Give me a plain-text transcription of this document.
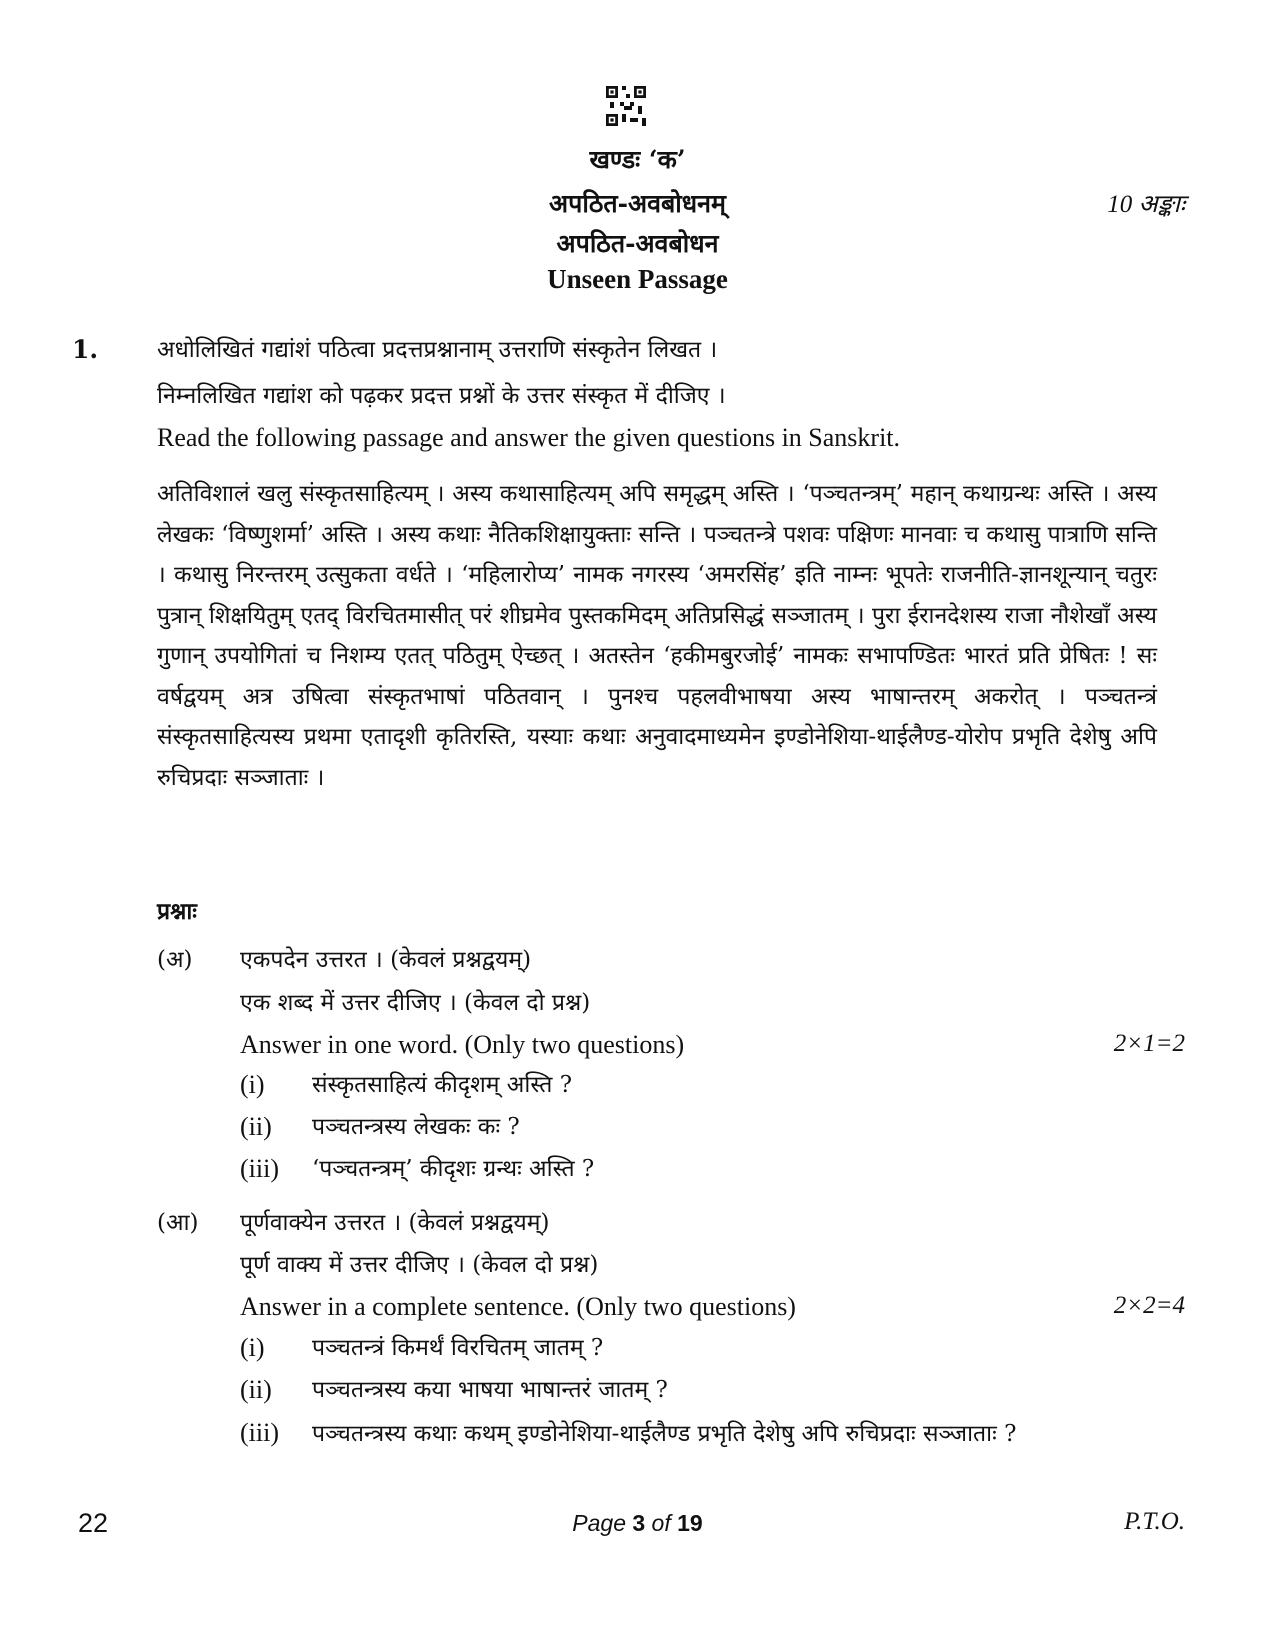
खण्डः ‘क’
अपठित-अवबोधनम्	10 अङ्काः
अपठित-अवबोधन
Unseen Passage
1.	अधोलिखितं गद्यांशं पठित्वा प्रदत्तप्रश्नानाम् उत्तराणि संस्कृतेन लिखत ।
निम्नलिखित गद्यांश को पढ़कर प्रदत्त प्रश्नों के उत्तर संस्कृत में दीजिए ।
Read the following passage and answer the given questions in Sanskrit.
अतिविशालं खलु संस्कृतसाहित्यम् । अस्य कथासाहित्यम् अपि समृद्धम् अस्ति । ‘पञ्चतन्त्रम्’ महान् कथाग्रन्थः अस्ति । अस्य लेखकः ‘विष्णुशर्मा’ अस्ति । अस्य कथाः नैतिकशिक्षायुक्ताः सन्ति । पञ्चतन्त्रे पशवः पक्षिणः मानवाः च कथासु पात्राणि सन्ति । कथासु निरन्तरम् उत्सुकता वर्धते । ‘महिलारोप्य’ नामक नगरस्य ‘अमरसिंह’ इति नाम्नः भूपतेः राजनीति-ज्ञानशून्यान् चतुरः पुत्रान् शिक्षयितुम् एतद् विरचितमासीत् परं शीघ्रमेव पुस्तकमिदम् अतिप्रसिद्धं सञ्जातम् । पुरा ईरानदेशस्य राजा नौशेखाँ अस्य गुणान् उपयोगितां च निशम्य एतत् पठितुम् ऐच्छत् । अतस्तेन ‘हकीमबुरजोई’ नामकः सभापण्डितः भारतं प्रति प्रेषितः ! सः वर्षद्वयम् अत्र उषित्वा संस्कृतभाषां पठितवान् । पुनश्च पहलवीभाषया अस्य भाषान्तरम् अकरोत् । पञ्चतन्त्रं संस्कृतसाहित्यस्य प्रथमा एतादृशी कृतिरस्ति, यस्याः कथाः अनुवादमाध्यमेन इण्डोनेशिया-थाईलैण्ड-योरोप प्रभृति देशेषु अपि रुचिप्रदाः सञ्जाताः ।
प्रश्नाः
(अ) एकपदेन उत्तरत । (केवलं प्रश्नद्वयम्)
एक शब्द में उत्तर दीजिए । (केवल दो प्रश्न)
Answer in one word. (Only two questions)	2×1=2
(i) संस्कृतसाहित्यं कीदृशम् अस्ति ?
(ii) पञ्चतन्त्रस्य लेखकः कः ?
(iii) ‘पञ्चतन्त्रम्’ कीदृशः ग्रन्थः अस्ति ?
(आ) पूर्णवाक्येन उत्तरत । (केवलं प्रश्नद्वयम्)
पूर्ण वाक्य में उत्तर दीजिए । (केवल दो प्रश्न)
Answer in a complete sentence. (Only two questions)	2×2=4
(i) पञ्चतन्त्रं किमर्थं विरचितम् जातम् ?
(ii) पञ्चतन्त्रस्य कया भाषया भाषान्तरं जातम् ?
(iii) पञ्चतन्त्रस्य कथाः कथम् इण्डोनेशिया-थाईलैण्ड प्रभृति देशेषु अपि रुचिप्रदाः सञ्जाताः ?
22	Page 3 of 19	P.T.O.
